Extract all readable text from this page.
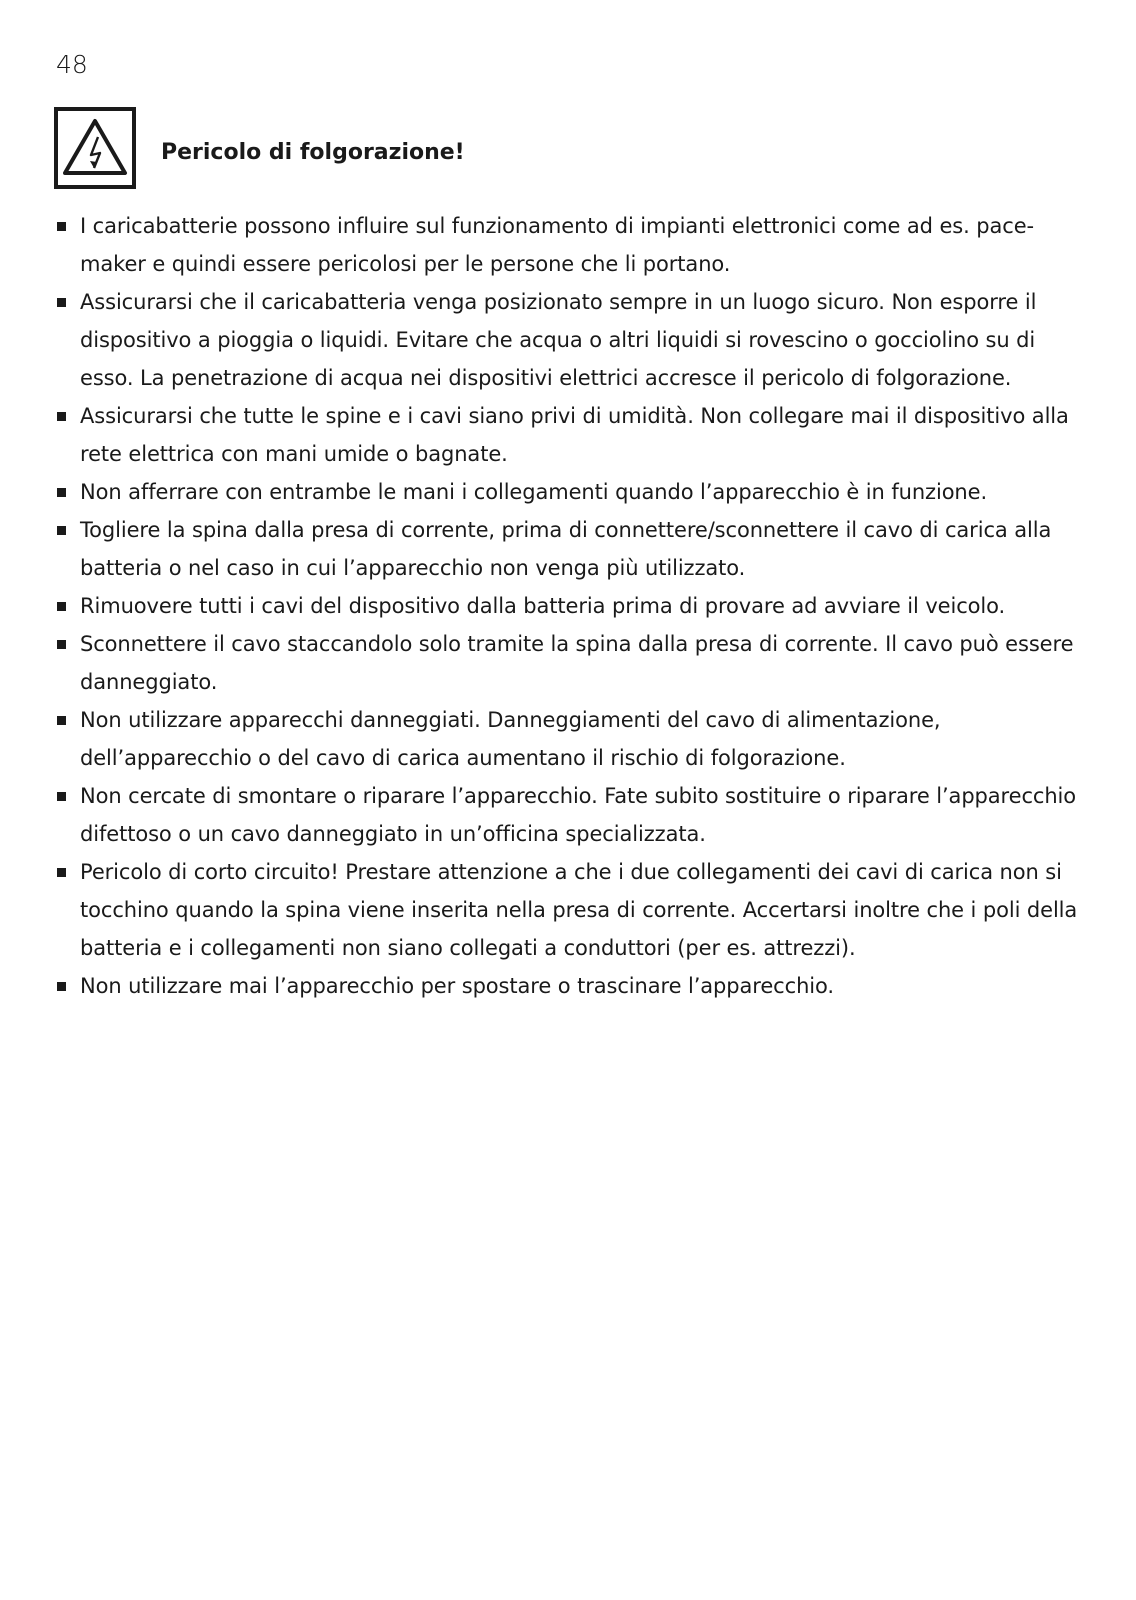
48
Pericolo di folgorazione!
I caricabatterie possono influire sul funzionamento di impianti elettronici come ad es. pace-maker e quindi essere pericolosi per le persone che li portano.
Assicurarsi che il caricabatteria venga posizionato sempre in un luogo sicuro. Non esporre il dispositivo a pioggia o liquidi. Evitare che acqua o altri liquidi si rovescino o gocciolino su di esso. La penetrazione di acqua nei dispositivi elettrici accresce il pericolo di folgorazione.
Assicurarsi che tutte le spine e i cavi siano privi di umidità. Non collegare mai il dispositivo alla rete elettrica con mani umide o bagnate.
Non afferrare con entrambe le mani i collegamenti quando l’apparecchio è in funzione.
Togliere la spina dalla presa di corrente, prima di connettere/sconnettere il cavo di carica alla batteria o nel caso in cui l’apparecchio non venga più utilizzato.
Rimuovere tutti i cavi del dispositivo dalla batteria prima di provare ad avviare il veicolo.
Sconnettere il cavo staccandolo solo tramite la spina dalla presa di corrente. Il cavo può essere danneggiato.
Non utilizzare apparecchi danneggiati. Danneggiamenti del cavo di alimentazione, dell’apparecchio o del cavo di carica aumentano il rischio di folgorazione.
Non cercate di smontare o riparare l’apparecchio. Fate subito sostituire o riparare l’apparecchio difettoso o un cavo danneggiato in un’officina specializzata.
Pericolo di corto circuito! Prestare attenzione a che i due collegamenti dei cavi di carica non si tocchino quando la spina viene inserita nella presa di corrente. Accertarsi inoltre che i poli della batteria e i collegamenti non siano collegati a conduttori (per es. attrezzi).
Non utilizzare mai l’apparecchio per spostare o trascinare l’apparecchio.
